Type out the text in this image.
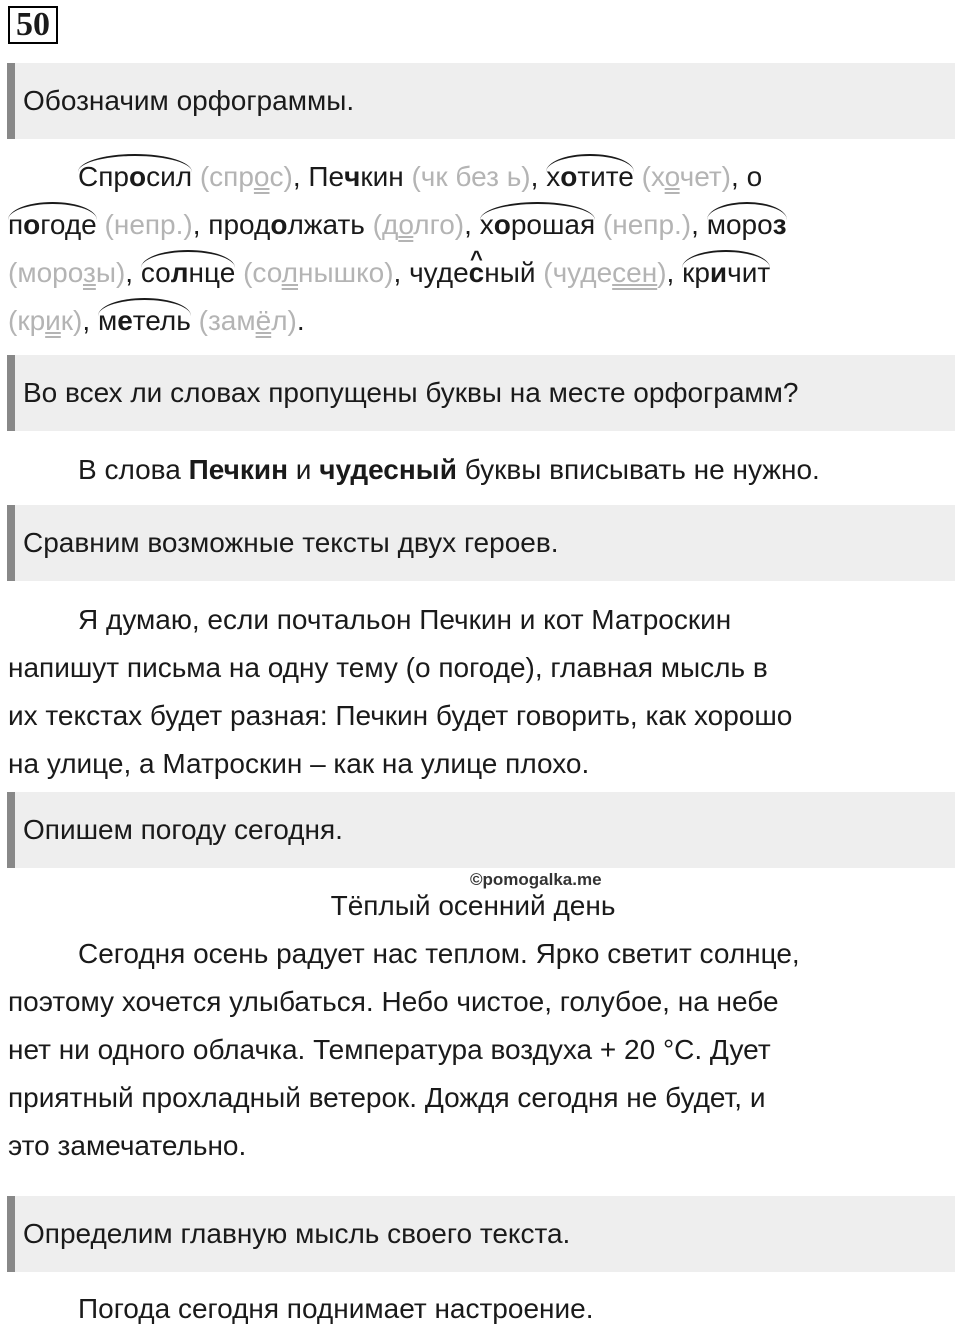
50
Обозначим орфограммы.
Спросил (спрос), Печкин (чк без ь), хотите (хочет), о
погоде (непр.), продолжать (долго), хорошая (непр.), мороз
(морозы), солнце (солнышко), чуде^ сный (чудесен), кричит
(крик), метель (замёл).
Во всех ли словах пропущены буквы на месте орфограмм?
В слова Печкин и чудесный буквы вписывать не нужно.
Сравним возможные тексты двух героев.
Я думаю, если почтальон Печкин и кот Матроскин
напишут письма на одну тему (о погоде), главная мысль в
их текстах будет разная: Печкин будет говорить, как хорошо
на улице, а Матроскин – как на улице плохо.
Опишем погоду сегодня.
©pomogalka.me
Тёплый осенний день
Сегодня осень радует нас теплом. Ярко светит солнце,
поэтому хочется улыбаться. Небо чистое, голубое, на небе
нет ни одного облачка. Температура воздуха + 20 °C. Дует
приятный прохладный ветерок. Дождя сегодня не будет, и
это замечательно.
Определим главную мысль своего текста.
Погода сегодня поднимает настроение.
